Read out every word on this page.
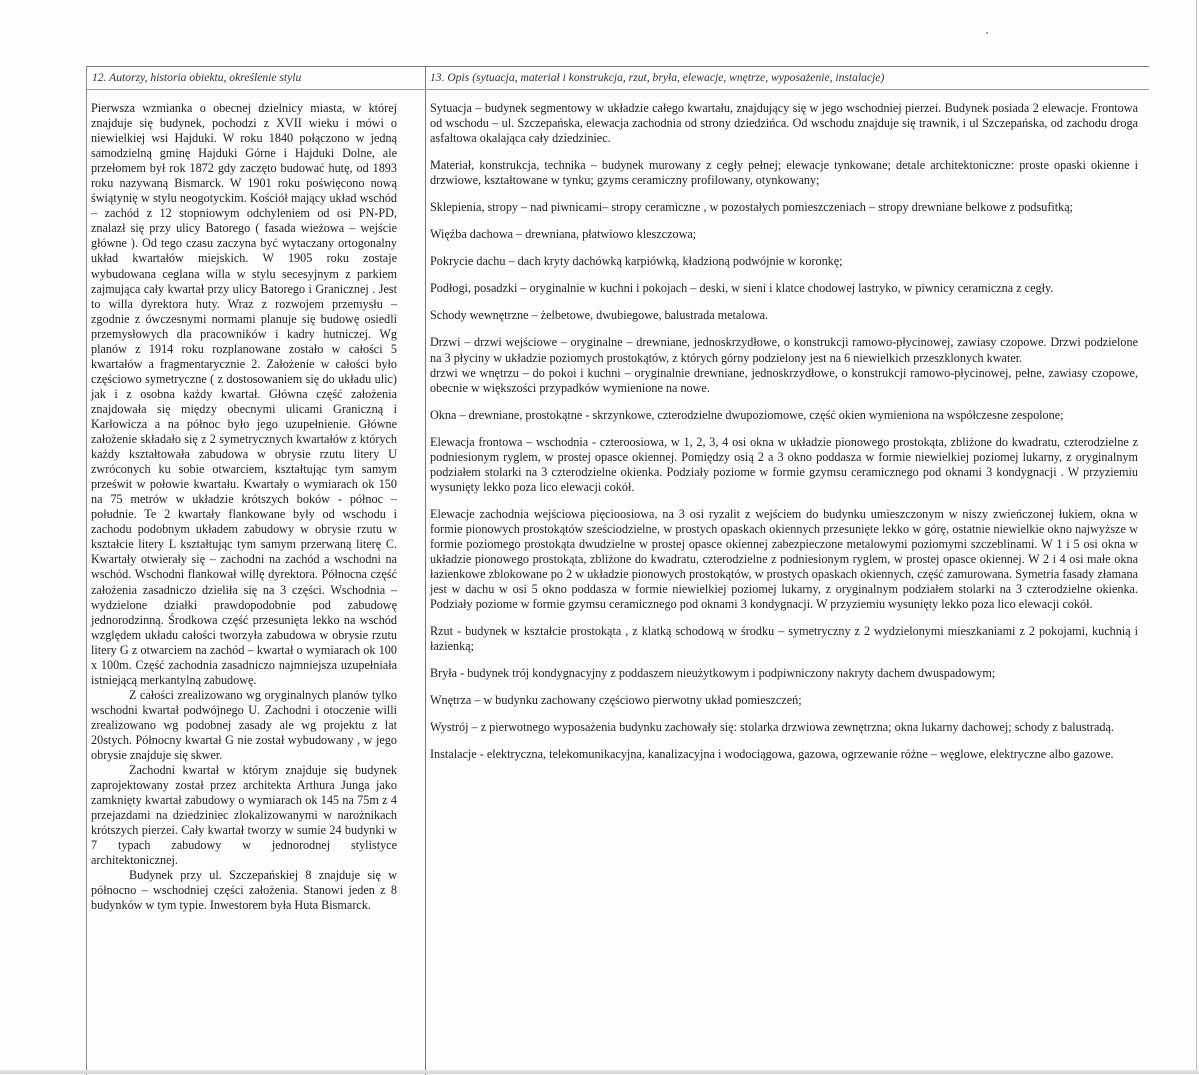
12. Autorzy, historia obiektu, określenie stylu	13. Opis (sytuacja, materiał i konstrukcja, rzut, bryła, elewacje, wnętrze, wyposażenie, instalacje)

Pierwsza wzmianka o obecnej dzielnicy miasta, w której znajduje się budynek, pochodzi z XVII wieku i mówi o niewielkiej wsi Hajduki. W roku 1840 połączono w jedną samodzielną gminę Hajduki Górne i Hajduki Dolne, ale przełomem był rok 1872 gdy zaczęto budować hutę, od 1893 roku nazywaną Bismarck. W 1901 roku poświęcono nową świątynię w stylu neogotyckim. Kościół mający układ wschód – zachód z 12 stopniowym odchyleniem od osi PN-PD, znalazł się przy ulicy Batorego ( fasada wieżowa – wejście główne ). Od tego czasu zaczyna być wytaczany ortogonalny układ kwartałów miejskich. W 1905 roku zostaje wybudowana ceglana willa w stylu secesyjnym z parkiem zajmująca cały kwartał przy ulicy Batorego i Granicznej . Jest to willa dyrektora huty. Wraz z rozwojem przemysłu – zgodnie z ówczesnymi normami planuje się budowę osiedli przemysłowych dla pracowników i kadry hutniczej. Wg planów z 1914 roku rozplanowane zostało w całości 5 kwartałów a fragmentarycznie 2. Założenie w całości było częściowo symetryczne ( z dostosowaniem się do układu ulic) jak i z osobna każdy kwartał. Główna część założenia znajdowała się między obecnymi ulicami Graniczną i Karłowicza a na północ było jego uzupełnienie. Główne założenie składało się z 2 symetrycznych kwartałów z których każdy kształtowała zabudowa w obrysie rzutu litery U zwróconych ku sobie otwarciem, kształtując tym samym prześwit w połowie kwartału. Kwartały o wymiarach ok 150 na 75 metrów w układzie krótszych boków - północ – południe. Te 2 kwartały flankowane były od wschodu i zachodu podobnym układem zabudowy w obrysie rzutu w kształcie litery L kształtując tym samym przerwaną literę C. Kwartały otwierały się – zachodni na zachód a wschodni na wschód. Wschodni flankował willę dyrektora. Północna część założenia zasadniczo dzieliła się na 3 części. Wschodnia – wydzielone działki prawdopodobnie pod zabudowę jednorodzinną. Środkowa część przesunięta lekko na wschód względem układu całości tworzyła zabudowa w obrysie rzutu litery G z otwarciem na zachód – kwartał o wymiarach ok 100 x 100m. Część zachodnia zasadniczo najmniejsza uzupełniała istniejącą merkantylną zabudowę.

Z całości zrealizowano wg oryginalnych planów tylko wschodni kwartał podwójnego U. Zachodni i otoczenie willi zrealizowano wg podobnej zasady ale wg projektu z lat 20stych. Północny kwartał G nie został wybudowany , w jego obrysie znajduje się skwer.

Zachodni kwartał w którym znajduje się budynek zaprojektowany został przez architekta Arthura Junga jako zamknięty kwartał zabudowy o wymiarach ok 145 na 75m z 4 przejazdami na dziedziniec zlokalizowanymi w narożnikach krótszych pierzei. Cały kwartał tworzy w sumie 24 budynki w 7 typach zabudowy w jednorodnej stylistyce architektonicznej.

Budynek przy ul. Szczepańskiej 8 znajduje się w północno – wschodniej części założenia. Stanowi jeden z 8 budynków w tym typie. Inwestorem była Huta Bismarck.

Sytuacja – budynek segmentowy w układzie całego kwartału, znajdujący się w jego wschodniej pierzei. Budynek posiada 2 elewacje. Frontowa od wschodu – ul. Szczepańska, elewacja zachodnia od strony dziedzińca. Od wschodu znajduje się trawnik, i ul Szczepańska, od zachodu droga asfaltowa okalająca cały dziedziniec.

Materiał, konstrukcja, technika – budynek murowany z cegły pełnej; elewacje tynkowane; detale architektoniczne: proste opaski okienne i drzwiowe, kształtowane w tynku; gzyms ceramiczny profilowany, otynkowany;

Sklepienia, stropy – nad piwnicami– stropy ceramiczne , w pozostałych pomieszczeniach – stropy drewniane belkowe z podsufitką;

Więźba dachowa – drewniana, płatwiowo kleszczowa;

Pokrycie dachu – dach kryty dachówką karpiówką, kładzioną podwójnie w koronkę;

Podłogi, posadzki – oryginalnie w kuchni i pokojach – deski, w sieni i klatce chodowej lastryko, w piwnicy ceramiczna z cegły.

Schody wewnętrzne – żelbetowe, dwubiegowe, balustrada metalowa.

Drzwi – drzwi wejściowe – oryginalne – drewniane, jednoskrzydłowe, o konstrukcji ramowo-płycinowej, zawiasy czopowe. Drzwi podzielone na 3 płyciny w układzie poziomych prostokątów, z których górny podzielony jest na 6 niewielkich przeszklonych kwater.

drzwi we wnętrzu – do pokoi i kuchni – oryginalnie drewniane, jednoskrzydłowe, o konstrukcji ramowo-płycinowej, pełne, zawiasy czopowe, obecnie w większości przypadków wymienione na nowe.

Okna – drewniane, prostokątne - skrzynkowe, czterodzielne dwupoziomowe, część okien wymieniona na współczesne zespolone;

Elewacja frontowa – wschodnia - czteroosiowa, w 1, 2, 3, 4 osi okna w układzie pionowego prostokąta, zbliżone do kwadratu, czterodzielne z podniesionym ryglem, w prostej opasce okiennej. Pomiędzy osią 2 a 3 okno poddasza w formie niewielkiej poziomej lukarny, z oryginalnym podziałem stolarki na 3 czterodzielne okienka. Podziały poziome w formie gzymsu ceramicznego pod oknami 3 kondygnacji . W przyziemiu wysunięty lekko poza lico elewacji cokół.

Elewacje zachodnia wejściowa pięcioosiowa, na 3 osi ryzalit z wejściem do budynku umieszczonym w niszy zwieńczonej łukiem, okna w formie pionowych prostokątów sześciodzielne, w prostych opaskach okiennych przesunięte lekko w górę, ostatnie niewielkie okno najwyższe w formie poziomego prostokąta dwudzielne w prostej opasce okiennej zabezpieczone metalowymi poziomymi szczeblinami. W 1 i 5 osi okna w układzie pionowego prostokąta, zbliżone do kwadratu, czterodzielne z podniesionym ryglem, w prostej opasce okiennej. W 2 i 4 osi małe okna łazienkowe zblokowane po 2 w układzie pionowych prostokątów, w prostych opaskach okiennych, część zamurowana. Symetria fasady złamana jest w dachu w osi 5 okno poddasza w formie niewielkiej poziomej lukarny, z oryginalnym podziałem stolarki na 3 czterodzielne okienka. Podziały poziome w formie gzymsu ceramicznego pod oknami 3 kondygnacji. W przyziemiu wysunięty lekko poza lico elewacji cokół.

Rzut - budynek w kształcie prostokąta , z klatką schodową w środku – symetryczny z 2 wydzielonymi mieszkaniami z 2 pokojami, kuchnią i łazienką;

Bryła - budynek trój kondygnacyjny z poddaszem nieużytkowym i podpiwniczony nakryty dachem dwuspadowym;

Wnętrza – w budynku zachowany częściowo pierwotny układ pomieszczeń;

Wystrój – z pierwotnego wyposażenia budynku zachowały się: stolarka drzwiowa zewnętrzna; okna lukarny dachowej; schody z balustradą.

Instalacje - elektryczna, telekomunikacyjna, kanalizacyjna i wodociągowa, gazowa, ogrzewanie różne – węglowe, elektryczne albo gazowe.
